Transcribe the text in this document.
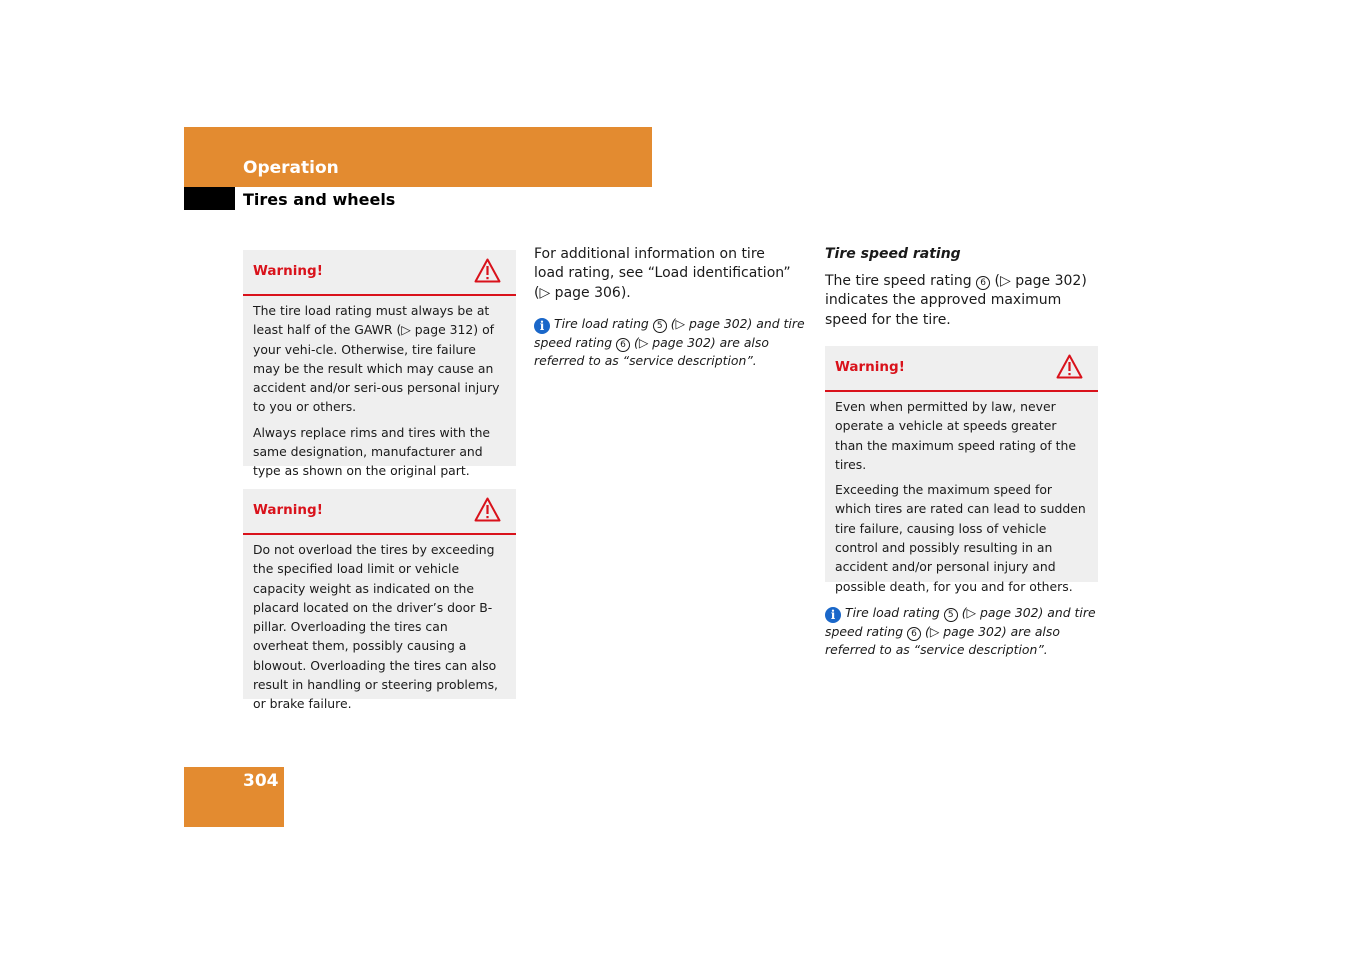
Operation
Tires and wheels
Warning!

The tire load rating must always be at least half of the GAWR (▷ page 312) of your vehi-cle. Otherwise, tire failure may be the result which may cause an accident and/or seri-ous personal injury to you or others.

Always replace rims and tires with the same designation, manufacturer and type as shown on the original part.

Warning!

Do not overload the tires by exceeding the specified load limit or vehicle capacity weight as indicated on the placard located on the driver’s door B-pillar. Overloading the tires can overheat them, possibly causing a blowout. Overloading the tires can also result in handling or steering problems, or brake failure.

For additional information on tire load rating, see “Load identification”

(▷ page 306).

i Tire load rating 5 (▷ page 302) and tire speed rating 6 (▷ page 302) are also referred to as “service description”.
Tire speed rating
The tire speed rating 6 (▷ page 302) indicates the approved maximum speed for the tire.
Warning!

Even when permitted by law, never operate a vehicle at speeds greater than the maximum speed rating of the tires.

Exceeding the maximum speed for which tires are rated can lead to sudden tire failure, causing loss of vehicle control and possibly resulting in an accident and/or personal injury and possible death, for you and for others.

i Tire load rating 5 (▷ page 302) and tire speed rating 6 (▷ page 302) are also referred to as “service description”.
304
